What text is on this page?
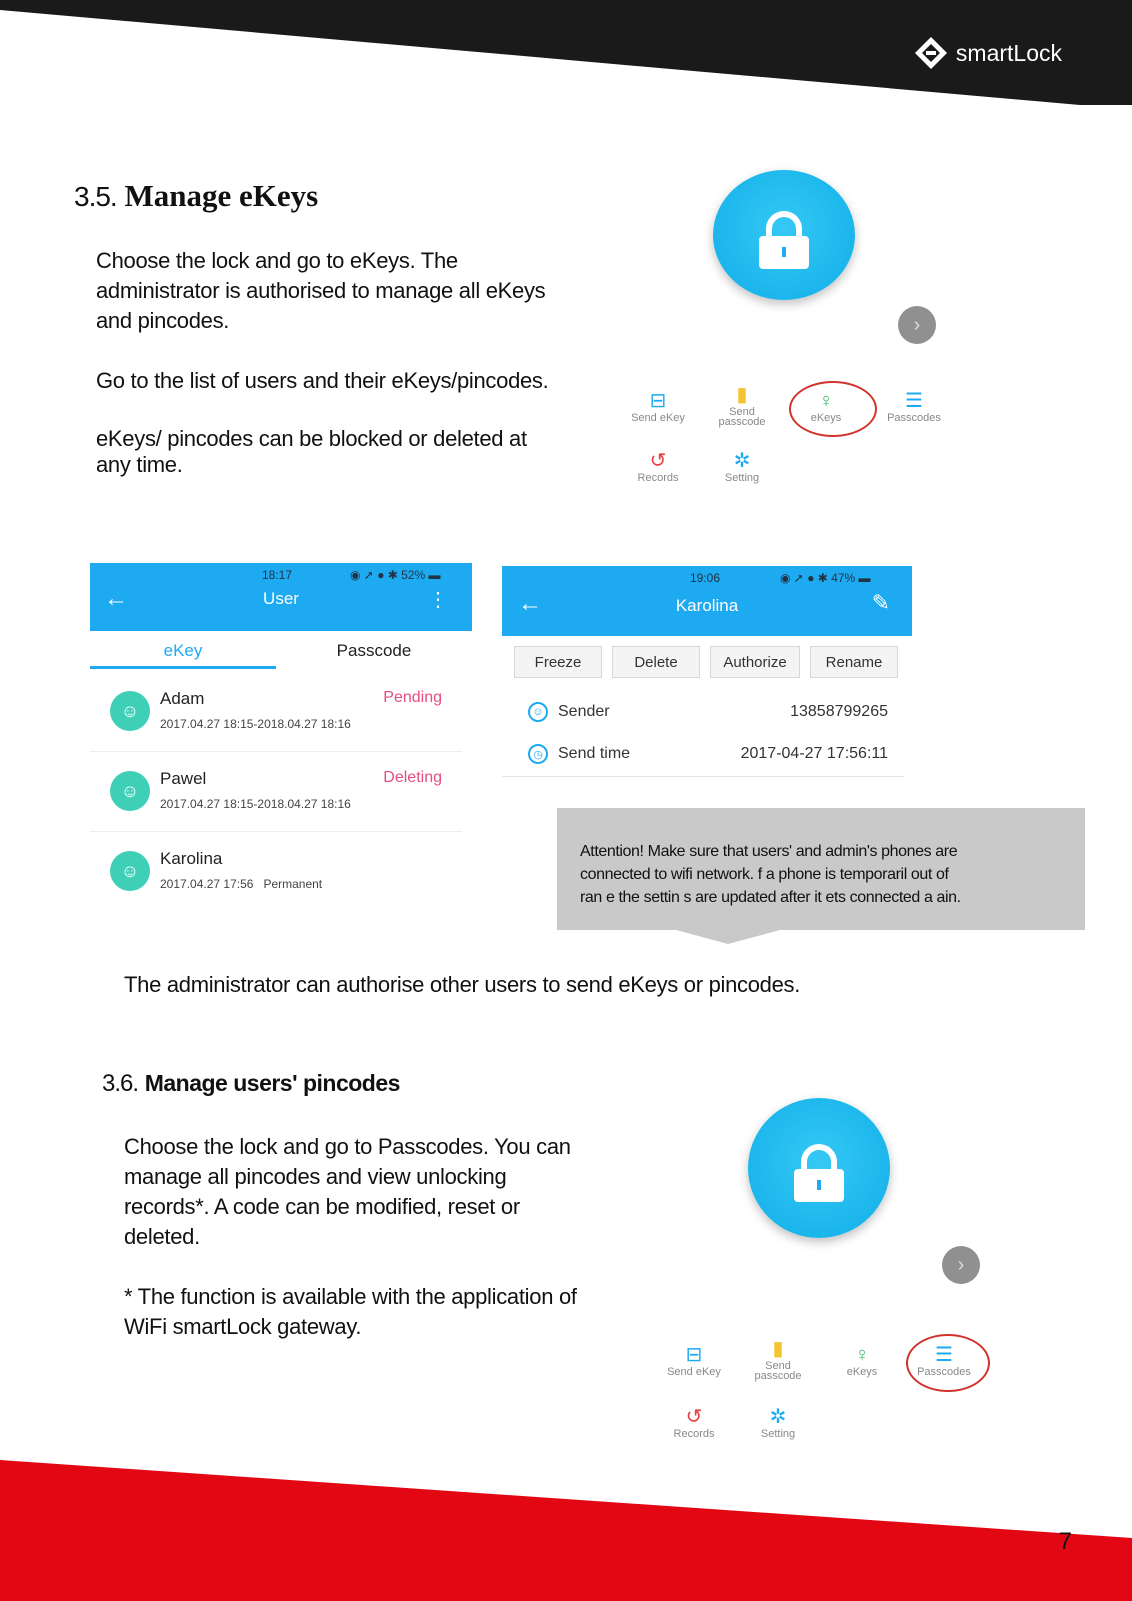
smartLock
3.5. Manage eKeys
Choose the lock and go to eKeys. The
administrator is authorised to manage all eKeys
and pincodes.
Go to the list of users and their eKeys/pincodes.
eKeys/ pincodes can be blocked or deleted at
any time.
›
⊟
Send eKey
▮
Send
passcode
♀
eKeys
☰
Passcodes
↺
Records
✲
Setting
18:17	◉ ➚ ● ✱ 52% ▬
←	User	⋮
eKey	Passcode
☺
Adam
2017.04.27 18:15-2018.04.27 18:16
Pending
☺
Pawel
2017.04.27 18:15-2018.04.27 18:16
Deleting
☺
Karolina
2017.04.27 17:56 Permanent
19:06	◉ ➚ ● ✱ 47% ▬
←	Karolina	✎
Freeze	Delete	Authorize	Rename
☺ Sender	13858799265
◷ Send time	2017-04-27 17:56:11
Attention! Make sure that users' and admin's phones are
connected to wifi network. f a phone is temporaril out of
ran e the settin s are updated after it ets connected a ain.
The administrator can authorise other users to send eKeys or pincodes.
3.6. Manage users' pincodes
Choose the lock and go to Passcodes. You can
manage all pincodes and view unlocking
records*. A code can be modified, reset or
deleted.
* The function is available with the application of
WiFi smartLock gateway.
›
⊟
Send eKey
▮
Send
passcode
♀
eKeys
☰
Passcodes
↺
Records
✲
Setting
7
